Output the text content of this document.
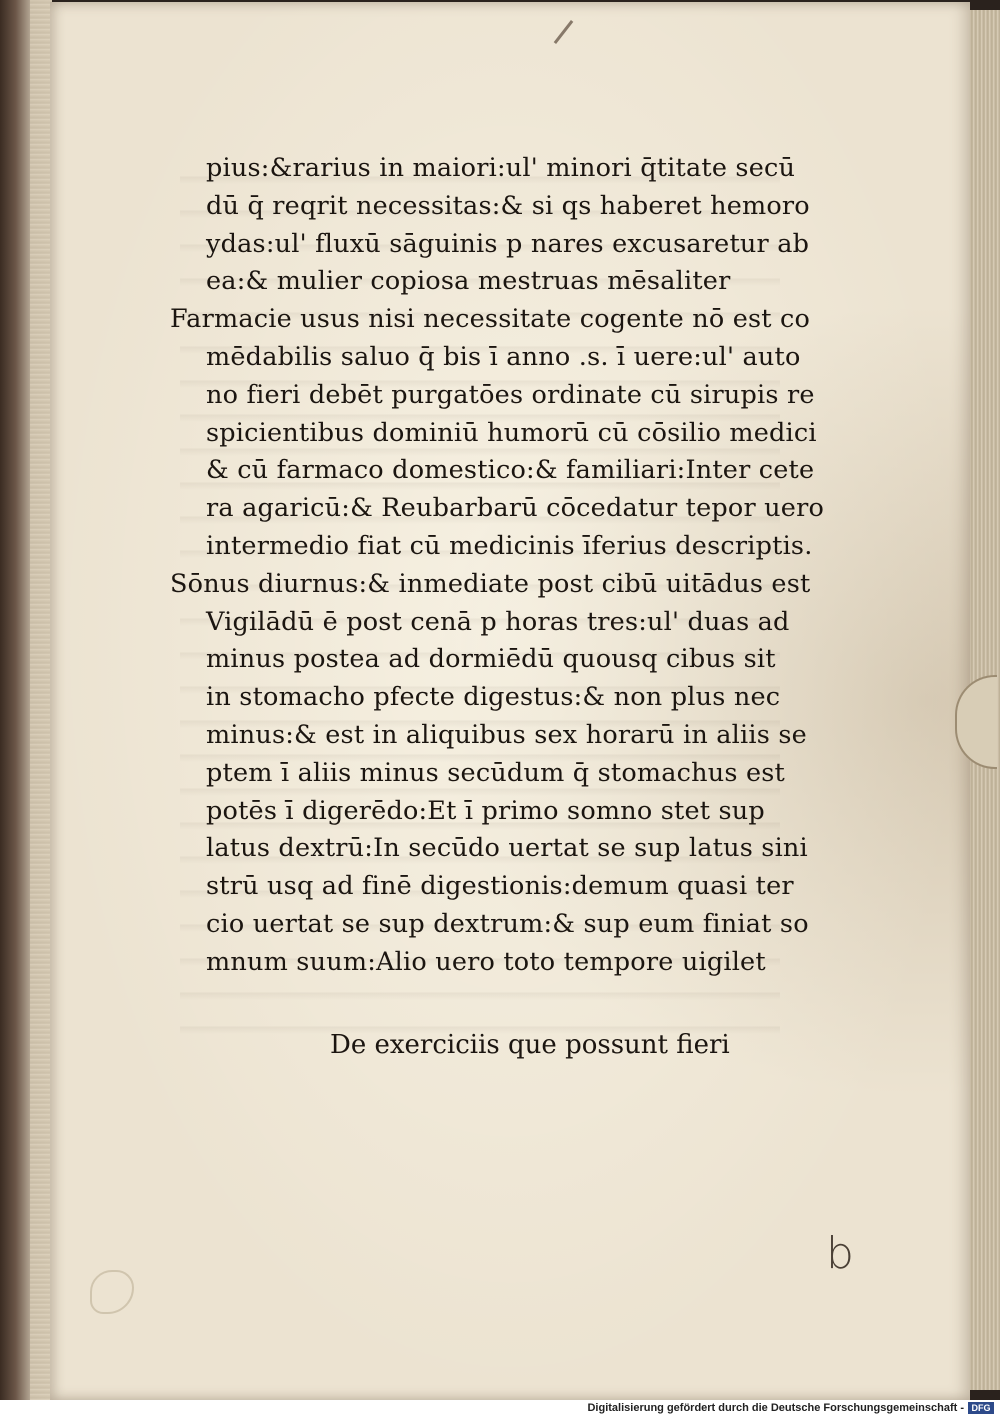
pius:&rarius in maiori:ul' minori q̄titate secū
dū q̄ reqrit necessitas:& si qs haberet hemoro
ydas:ul' fluxū sāguinis p nares excusaretur ab
ea:& mulier copiosa mestruas mēsaliter
Farmacie usus nisi necessitate cogente nō est co
mēdabilis saluo q̄ bis ī anno .s. ī uere:ul' auto
no fieri debēt purgatōes ordinate cū sirupis re
spicientibus dominiū humorū cū cōsilio medici
& cū farmaco domestico:& familiari:Inter cete
ra agaricū:& Reubarbarū cōcedatur tepor uero
intermedio fiat cū medicinis īferius descriptis.
Sōnus diurnus:& inmediate post cibū uitādus est
Vigilādū ē post cenā p horas tres:ul' duas ad
minus postea ad dormiēdū quousq cibus sit
in stomacho pfecte digestus:& non plus nec
minus:& est in aliquibus sex horarū in aliis se
ptem ī aliis minus secūdum q̄ stomachus est
potēs ī digerēdo:Et ī primo somno stet sup
latus dextrū:In secūdo uertat se sup latus sini
strū usq ad finē digestionis:demum quasi ter
cio uertat se sup dextrum:& sup eum finiat so
mnum suum:Alio uero toto tempore uigilet
De exerciciis que possunt fieri
b
Digitalisierung gefördert durch die Deutsche Forschungsgemeinschaft - DFG
